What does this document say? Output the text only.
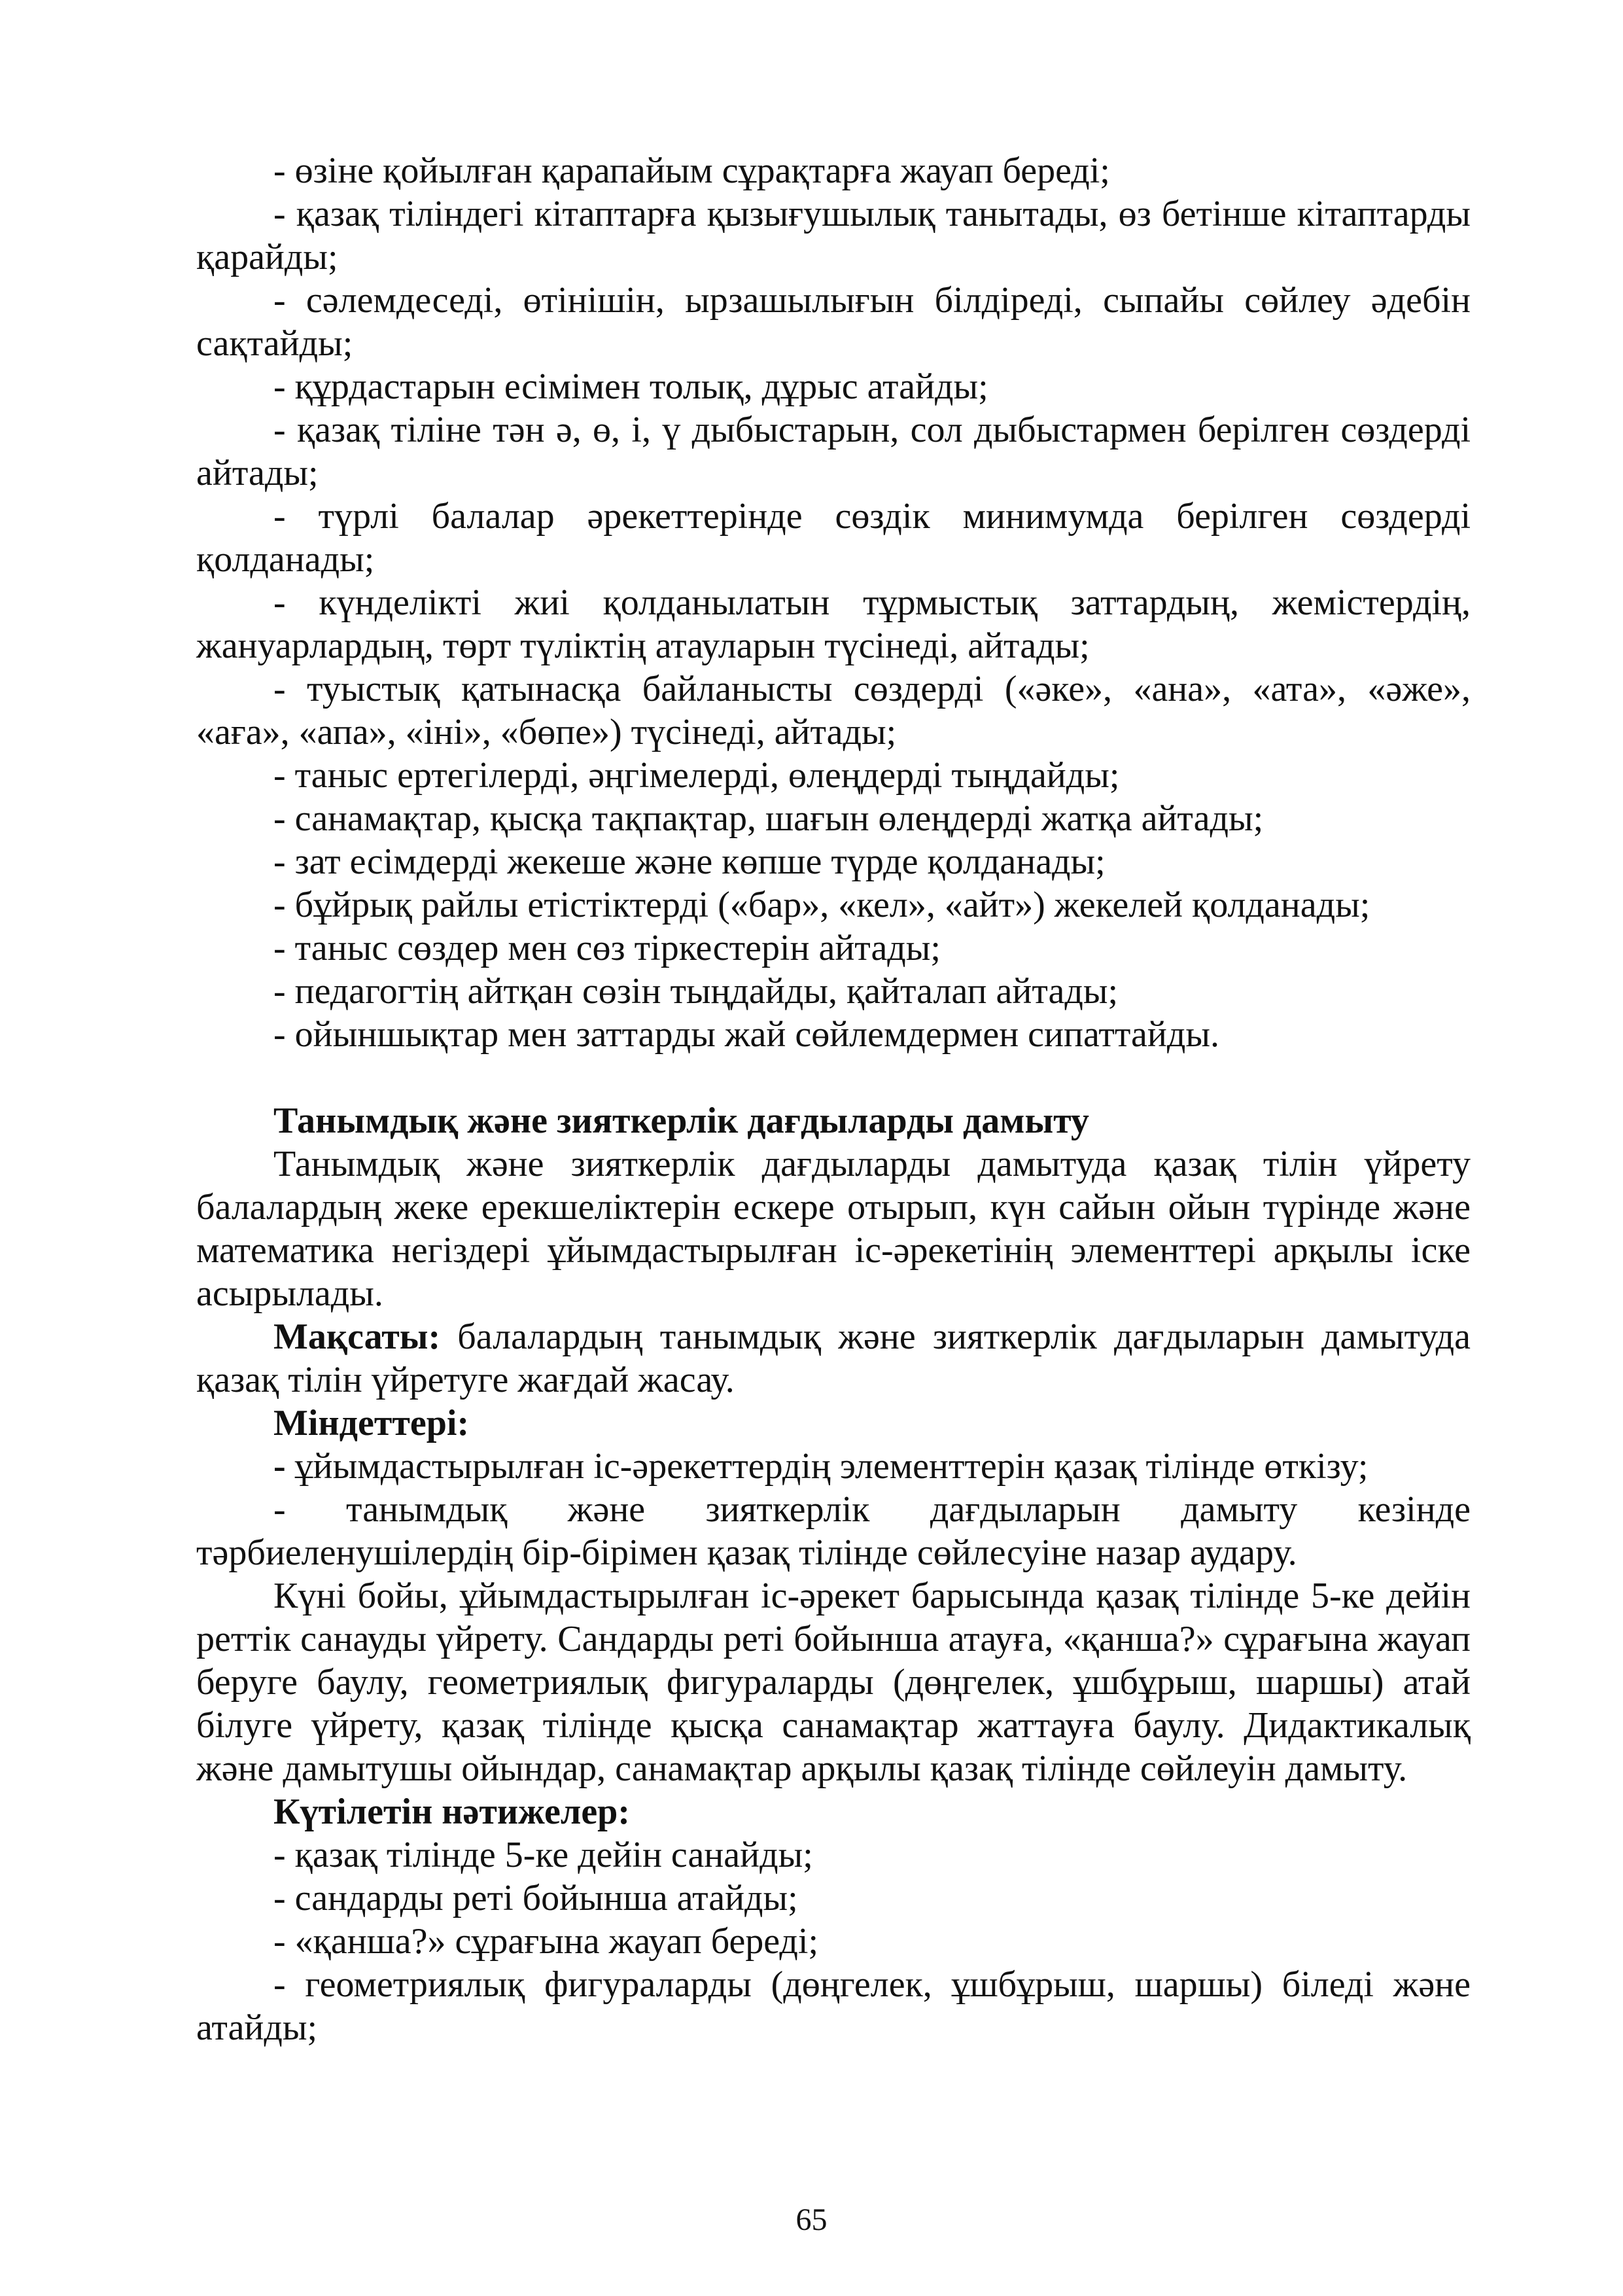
- өзіне қойылған қарапайым сұрақтарға жауап береді;

- қазақ тіліндегі кітаптарға қызығушылық танытады, өз бетінше кітаптарды қарайды;

- сәлемдеседі, өтінішін, ырзашылығын білдіреді, сыпайы сөйлеу әдебін сақтайды;

- құрдастарын есімімен толық, дұрыс атайды;

- қазақ тіліне тән ә, ө, і, ү дыбыстарын, сол дыбыстармен берілген сөздерді айтады;

- түрлі балалар әрекеттерінде сөздік минимумда берілген сөздерді қолданады;

- күнделікті жиі қолданылатын тұрмыстық заттардың, жемістердің, жануарлардың, төрт түліктің атауларын түсінеді, айтады;

- туыстық қатынасқа байланысты сөздерді («әке», «ана», «ата», «әже», «аға», «апа», «іні», «бөпе») түсінеді, айтады;

- таныс ертегілерді, әңгімелерді, өлеңдерді тыңдайды;

- санамақтар, қысқа тақпақтар, шағын өлеңдерді жатқа айтады;

- зат есімдерді жекеше және көпше түрде қолданады;

- бұйрық райлы етістіктерді («бар», «кел», «айт») жекелей қолданады;

- таныс сөздер мен сөз тіркестерін айтады;

- педагогтің айтқан сөзін тыңдайды, қайталап айтады;

- ойыншықтар мен заттарды жай сөйлемдермен сипаттайды.

Танымдық және зияткерлік дағдыларды дамыту

Танымдық және зияткерлік дағдыларды дамытуда қазақ тілін үйрету балалардың жеке ерекшеліктерін ескере отырып, күн сайын ойын түрінде және математика негіздері ұйымдастырылған іс-әрекетінің элементтері арқылы іске асырылады.

Мақсаты: балалардың танымдық және зияткерлік дағдыларын дамытуда қазақ тілін үйретуге жағдай жасау.

Міндеттері:

- ұйымдастырылған іс-әрекеттердің элементтерін қазақ тілінде өткізу;

- танымдық және зияткерлік дағдыларын дамыту кезінде тәрбиеленушілердің бір-бірімен қазақ тілінде сөйлесуіне назар аудару.

Күні бойы, ұйымдастырылған іс-әрекет барысында қазақ тілінде 5-ке дейін реттік санауды үйрету. Сандарды реті бойынша атауға, «қанша?» сұрағына жауап беруге баулу, геометриялық фигураларды (дөңгелек, ұшбұрыш, шаршы) атай білуге үйрету, қазақ тілінде қысқа санамақтар жаттауға баулу. Дидактикалық және дамытушы ойындар, санамақтар арқылы қазақ тілінде сөйлеуін дамыту.

Күтілетін нәтижелер:

- қазақ тілінде 5-ке дейін санайды;

- сандарды реті бойынша атайды;

- «қанша?» сұрағына жауап береді;

- геометриялық фигураларды (дөңгелек, ұшбұрыш, шаршы) біледі және атайды;

65
